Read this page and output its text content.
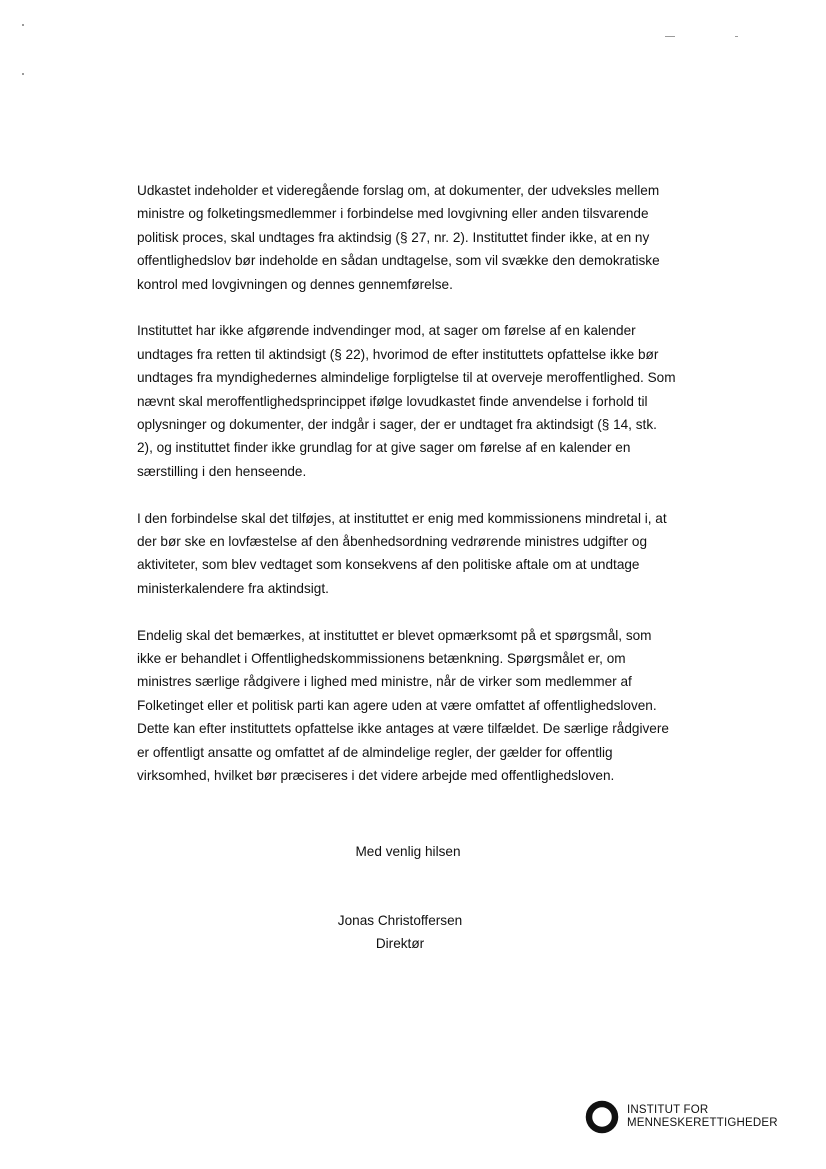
Udkastet indeholder et videregående forslag om, at dokumenter, der udveksles mellem
ministre og folketingsmedlemmer i forbindelse med lovgivning eller anden tilsvarende
politisk proces, skal undtages fra aktindsig (§ 27, nr. 2). Instituttet finder ikke, at en ny
offentlighedslov bør indeholde en sådan undtagelse, som vil svække den demokratiske
kontrol med lovgivningen og dennes gennemførelse.

Instituttet har ikke afgørende indvendinger mod, at sager om førelse af en kalender
undtages fra retten til aktindsigt (§ 22), hvorimod de efter instituttets opfattelse ikke bør
undtages fra myndighedernes almindelige forpligtelse til at overveje meroffentlighed. Som
nævnt skal meroffentlighedsprincippet ifølge lovudkastet finde anvendelse i forhold til
oplysninger og dokumenter, der indgår i sager, der er undtaget fra aktindsigt (§ 14, stk.
2), og instituttet finder ikke grundlag for at give sager om førelse af en kalender en
særstilling i den henseende.

I den forbindelse skal det tilføjes, at instituttet er enig med kommissionens mindretal i, at
der bør ske en lovfæstelse af den åbenhedsordning vedrørende ministres udgifter og
aktiviteter, som blev vedtaget som konsekvens af den politiske aftale om at undtage
ministerkalendere fra aktindsigt.

Endelig skal det bemærkes, at instituttet er blevet opmærksomt på et spørgsmål, som
ikke er behandlet i Offentlighedskommissionens betænkning. Spørgsmålet er, om
ministres særlige rådgivere i lighed med ministre, når de virker som medlemmer af
Folketinget eller et politisk parti kan agere uden at være omfattet af offentlighedsloven.
Dette kan efter instituttets opfattelse ikke antages at være tilfældet. De særlige rådgivere
er offentligt ansatte og omfattet af de almindelige regler, der gælder for offentlig
virksomhed, hvilket bør præciseres i det videre arbejde med offentlighedsloven.

Med venlig hilsen
Jonas Christoffersen
Direktør
INSTITUT FOR
MENNESKERETTIGHEDER
